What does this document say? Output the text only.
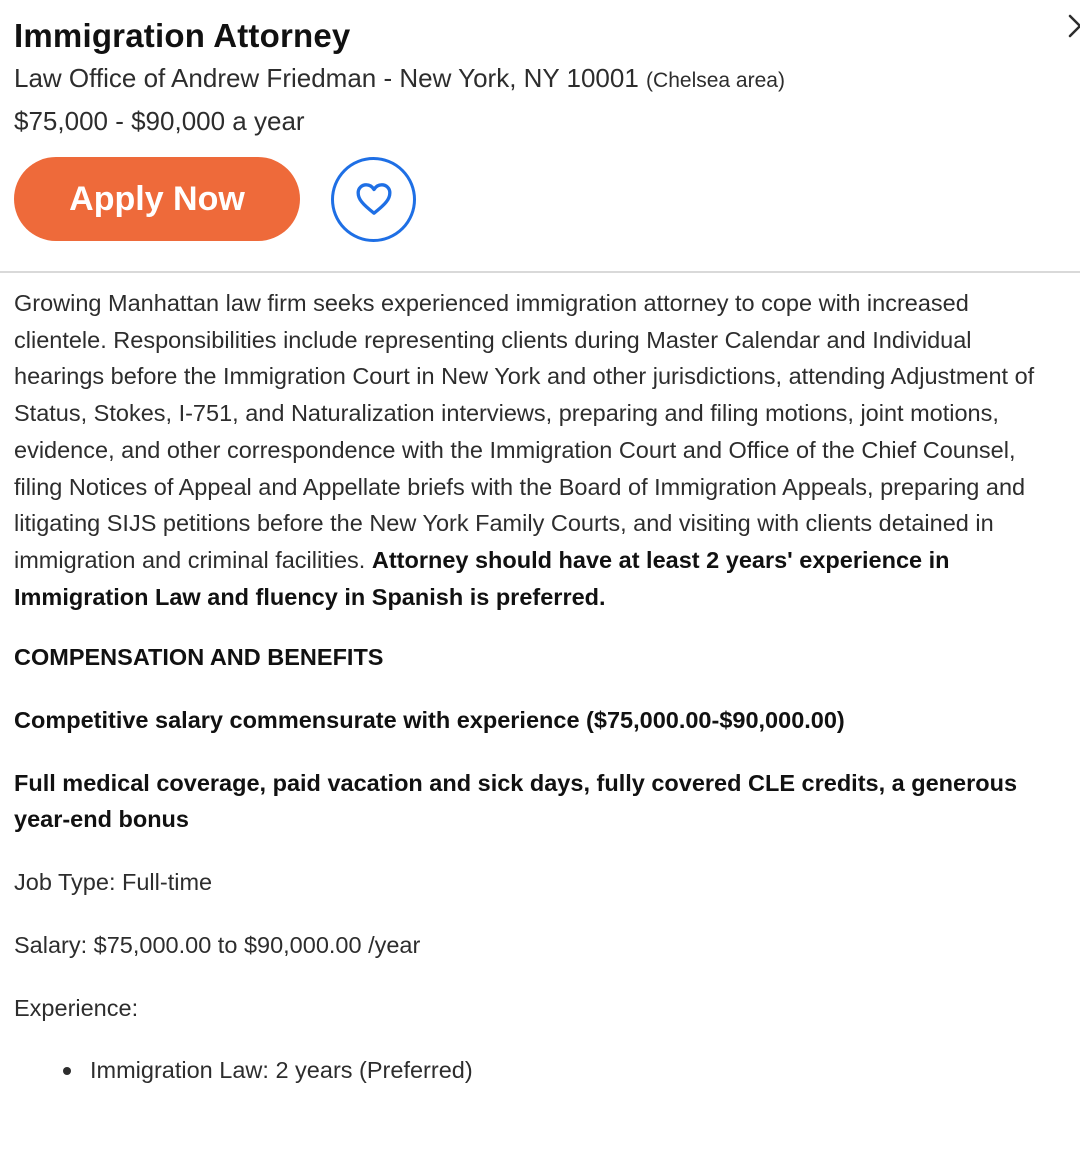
Immigration Attorney
Law Office of Andrew Friedman - New York, NY 10001 (Chelsea area)
$75,000 - $90,000 a year
Apply Now

Growing Manhattan law firm seeks experienced immigration attorney to cope with increased clientele. Responsibilities include representing clients during Master Calendar and Individual hearings before the Immigration Court in New York and other jurisdictions, attending Adjustment of Status, Stokes, I-751, and Naturalization interviews, preparing and filing motions, joint motions, evidence, and other correspondence with the Immigration Court and Office of the Chief Counsel, filing Notices of Appeal and Appellate briefs with the Board of Immigration Appeals, preparing and litigating SIJS petitions before the New York Family Courts, and visiting with clients detained in immigration and criminal facilities. Attorney should have at least 2 years' experience in Immigration Law and fluency in Spanish is preferred.

COMPENSATION AND BENEFITS
Competitive salary commensurate with experience ($75,000.00-$90,000.00)
Full medical coverage, paid vacation and sick days, fully covered CLE credits, a generous year-end bonus
Job Type: Full-time
Salary: $75,000.00 to $90,000.00 /year
Experience:
Immigration Law: 2 years (Preferred)
